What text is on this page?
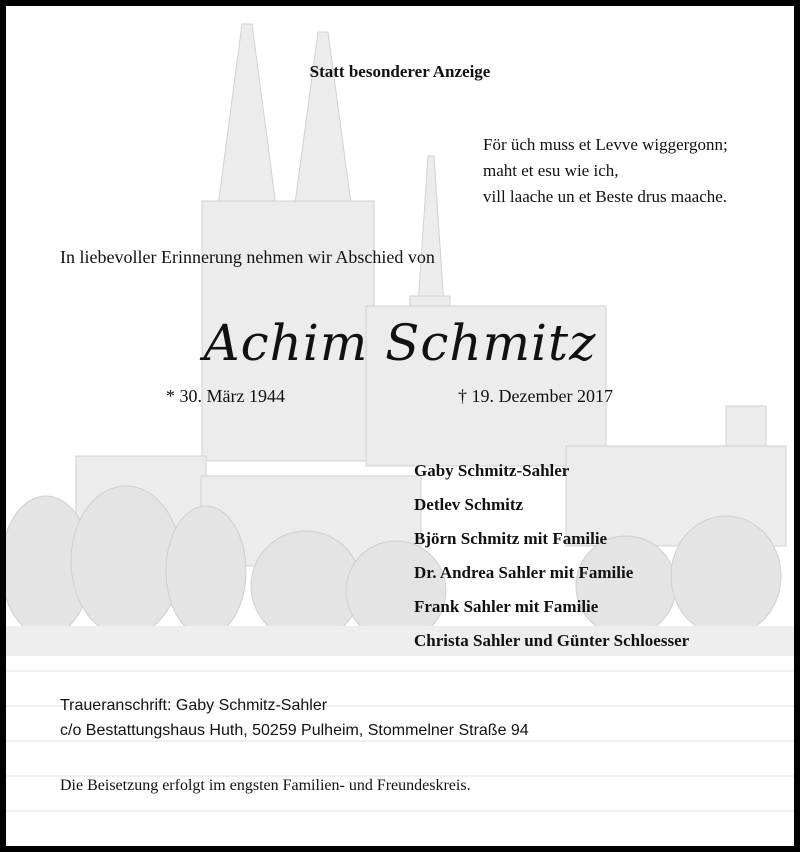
Statt besonderer Anzeige
För üch muss et Levve wiggergonn;
maht et esu wie ich,
vill laache un et Beste drus maache.
In liebevoller Erinnerung nehmen wir Abschied von
Achim Schmitz
* 30. März 1944	† 19. Dezember 2017
Gaby Schmitz-Sahler
Detlev Schmitz
Björn Schmitz mit Familie
Dr. Andrea Sahler mit Familie
Frank Sahler mit Familie
Christa Sahler und Günter Schloesser
Traueranschrift: Gaby Schmitz-Sahler
c/o Bestattungshaus Huth, 50259 Pulheim, Stommelner Straße 94
Die Beisetzung erfolgt im engsten Familien- und Freundeskreis.
